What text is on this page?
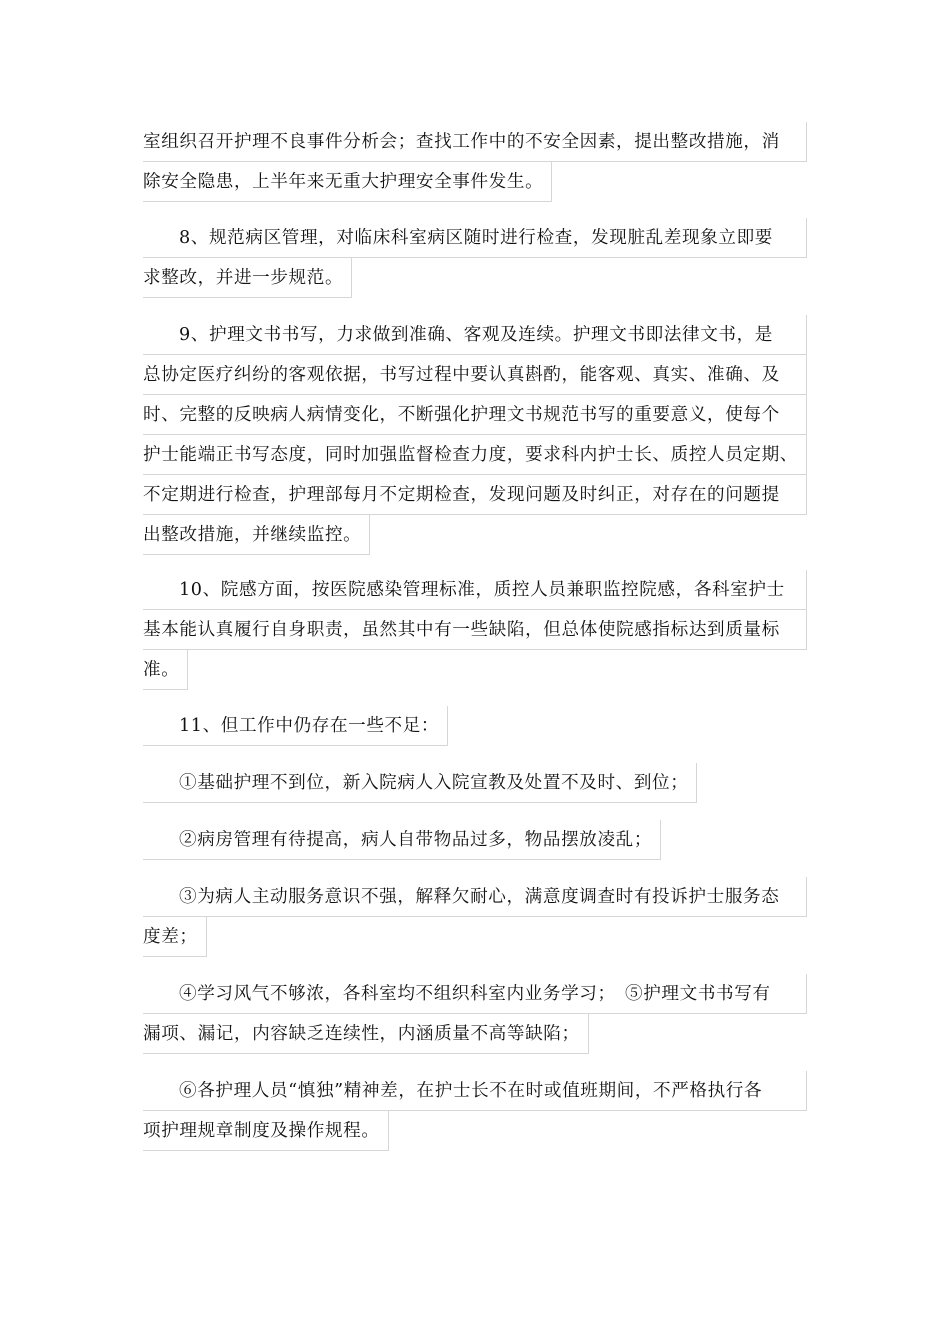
室组织召开护理不良事件分析会；查找工作中的不安全因素，提出整改措施，消
除安全隐患，上半年来无重大护理安全事件发生。
8、规范病区管理，对临床科室病区随时进行检查，发现脏乱差现象立即要
求整改，并进一步规范。
9、护理文书书写，力求做到准确、客观及连续。护理文书即法律文书，是
总协定医疗纠纷的客观依据，书写过程中要认真斟酌，能客观、真实、准确、及
时、完整的反映病人病情变化，不断强化护理文书规范书写的重要意义，使每个
护士能端正书写态度，同时加强监督检查力度，要求科内护士长、质控人员定期、
不定期进行检查，护理部每月不定期检查，发现问题及时纠正，对存在的问题提
出整改措施，并继续监控。
10、院感方面，按医院感染管理标准，质控人员兼职监控院感，各科室护士
基本能认真履行自身职责，虽然其中有一些缺陷，但总体使院感指标达到质量标
准。
11、但工作中仍存在一些不足：
①基础护理不到位，新入院病人入院宣教及处置不及时、到位；
②病房管理有待提高，病人自带物品过多，物品摆放凌乱；
③为病人主动服务意识不强，解释欠耐心，满意度调查时有投诉护士服务态
度差；
④学习风气不够浓，各科室均不组织科室内业务学习；　⑤护理文书书写有
漏项、漏记，内容缺乏连续性，内涵质量不高等缺陷；
⑥各护理人员“慎独”精神差，在护士长不在时或值班期间，不严格执行各
项护理规章制度及操作规程。
